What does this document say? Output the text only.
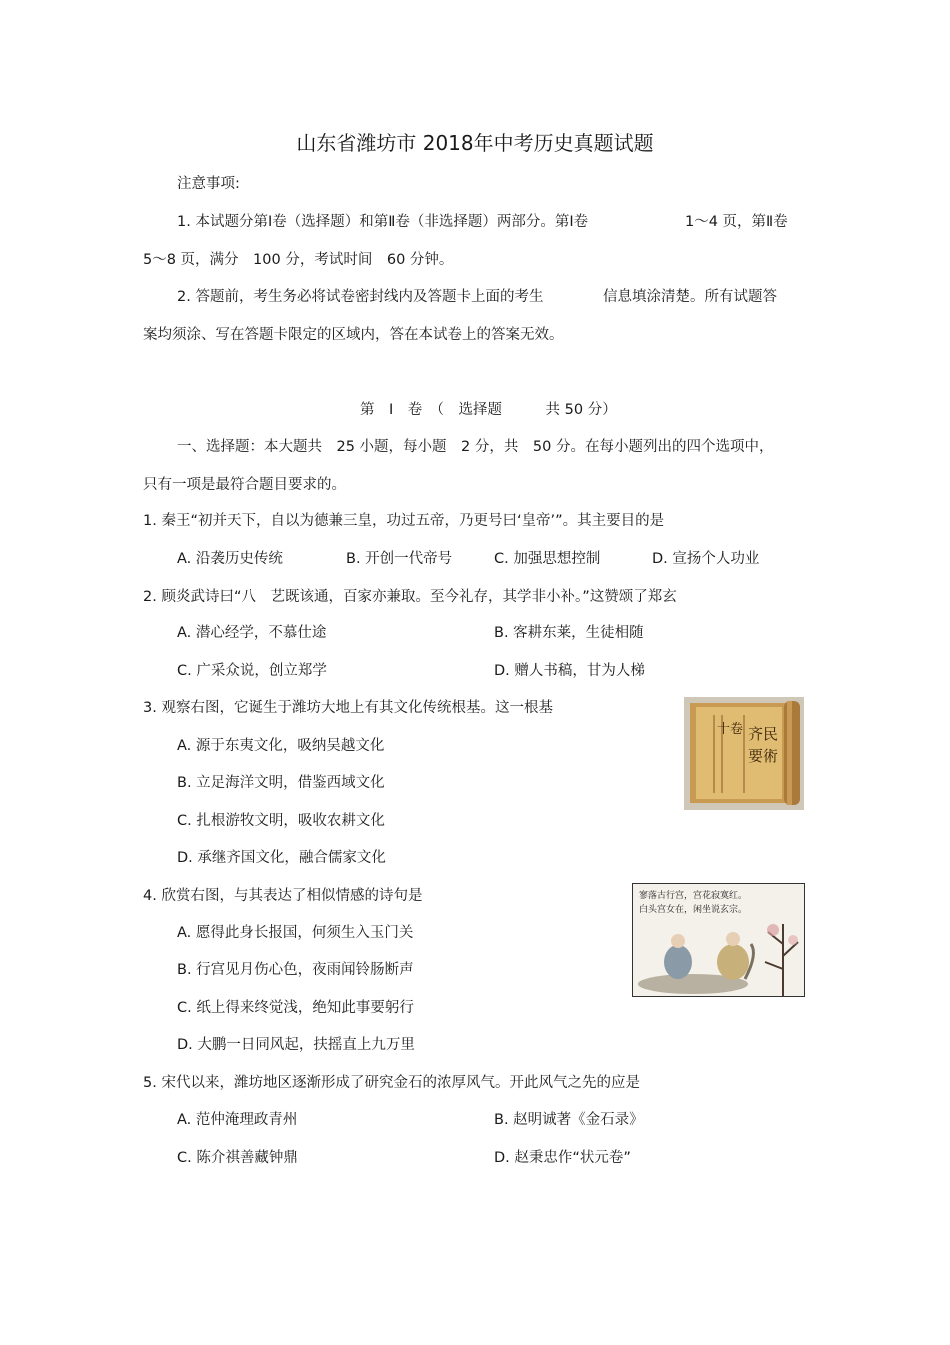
山东省潍坊市 2018年中考历史真题试题
注意事项:
1. 本试题分第Ⅰ卷（选择题）和第Ⅱ卷（非选择题）两部分。第Ⅰ卷	1～4 页，第Ⅱ卷
5～8 页，满分　100 分，考试时间　60 分钟。
2. 答题前，考生务必将试卷密封线内及答题卡上面的考生	信息填涂清楚。所有试题答
案均须涂、写在答题卡限定的区域内，答在本试卷上的答案无效。
第　Ⅰ　卷　（　选择题　　　共 50 分）
一、选择题：本大题共　25 小题，每小题　2 分，共　50 分。在每小题列出的四个选项中，
只有一项是最符合题目要求的。
1. 秦王“初并天下，自以为德兼三皇，功过五帝，乃更号曰‘皇帝’”。其主要目的是
A. 沿袭历史传统	B. 开创一代帝号	C. 加强思想控制	D. 宣扬个人功业
2. 顾炎武诗曰“八　艺既该通，百家亦兼取。至今礼存，其学非小补。”这赞颂了郑玄
A. 潜心经学，不慕仕途	B. 客耕东莱，生徒相随
C. 广采众说，创立郑学	D. 赠人书稿，甘为人梯
3. 观察右图，它诞生于潍坊大地上有其文化传统根基。这一根基
A. 源于东夷文化，吸纳吴越文化
B. 立足海洋文明，借鉴西域文化
C. 扎根游牧文明，吸收农耕文化
D. 承继齐国文化，融合儒家文化
齐民
要術
十卷
4. 欣赏右图，与其表达了相似情感的诗句是
A. 愿得此身长报国，何须生入玉门关
B. 行宫见月伤心色，夜雨闻铃肠断声
C. 纸上得来终觉浅，绝知此事要躬行
D. 大鹏一日同风起，扶摇直上九万里
寥落古行宫，宫花寂寞红。
白头宫女在，闲坐说玄宗。
5. 宋代以来，潍坊地区逐渐形成了研究金石的浓厚风气。开此风气之先的应是
A. 范仲淹理政青州	B. 赵明诚著《金石录》
C. 陈介祺善藏钟鼎	D. 赵秉忠作“状元卷”
